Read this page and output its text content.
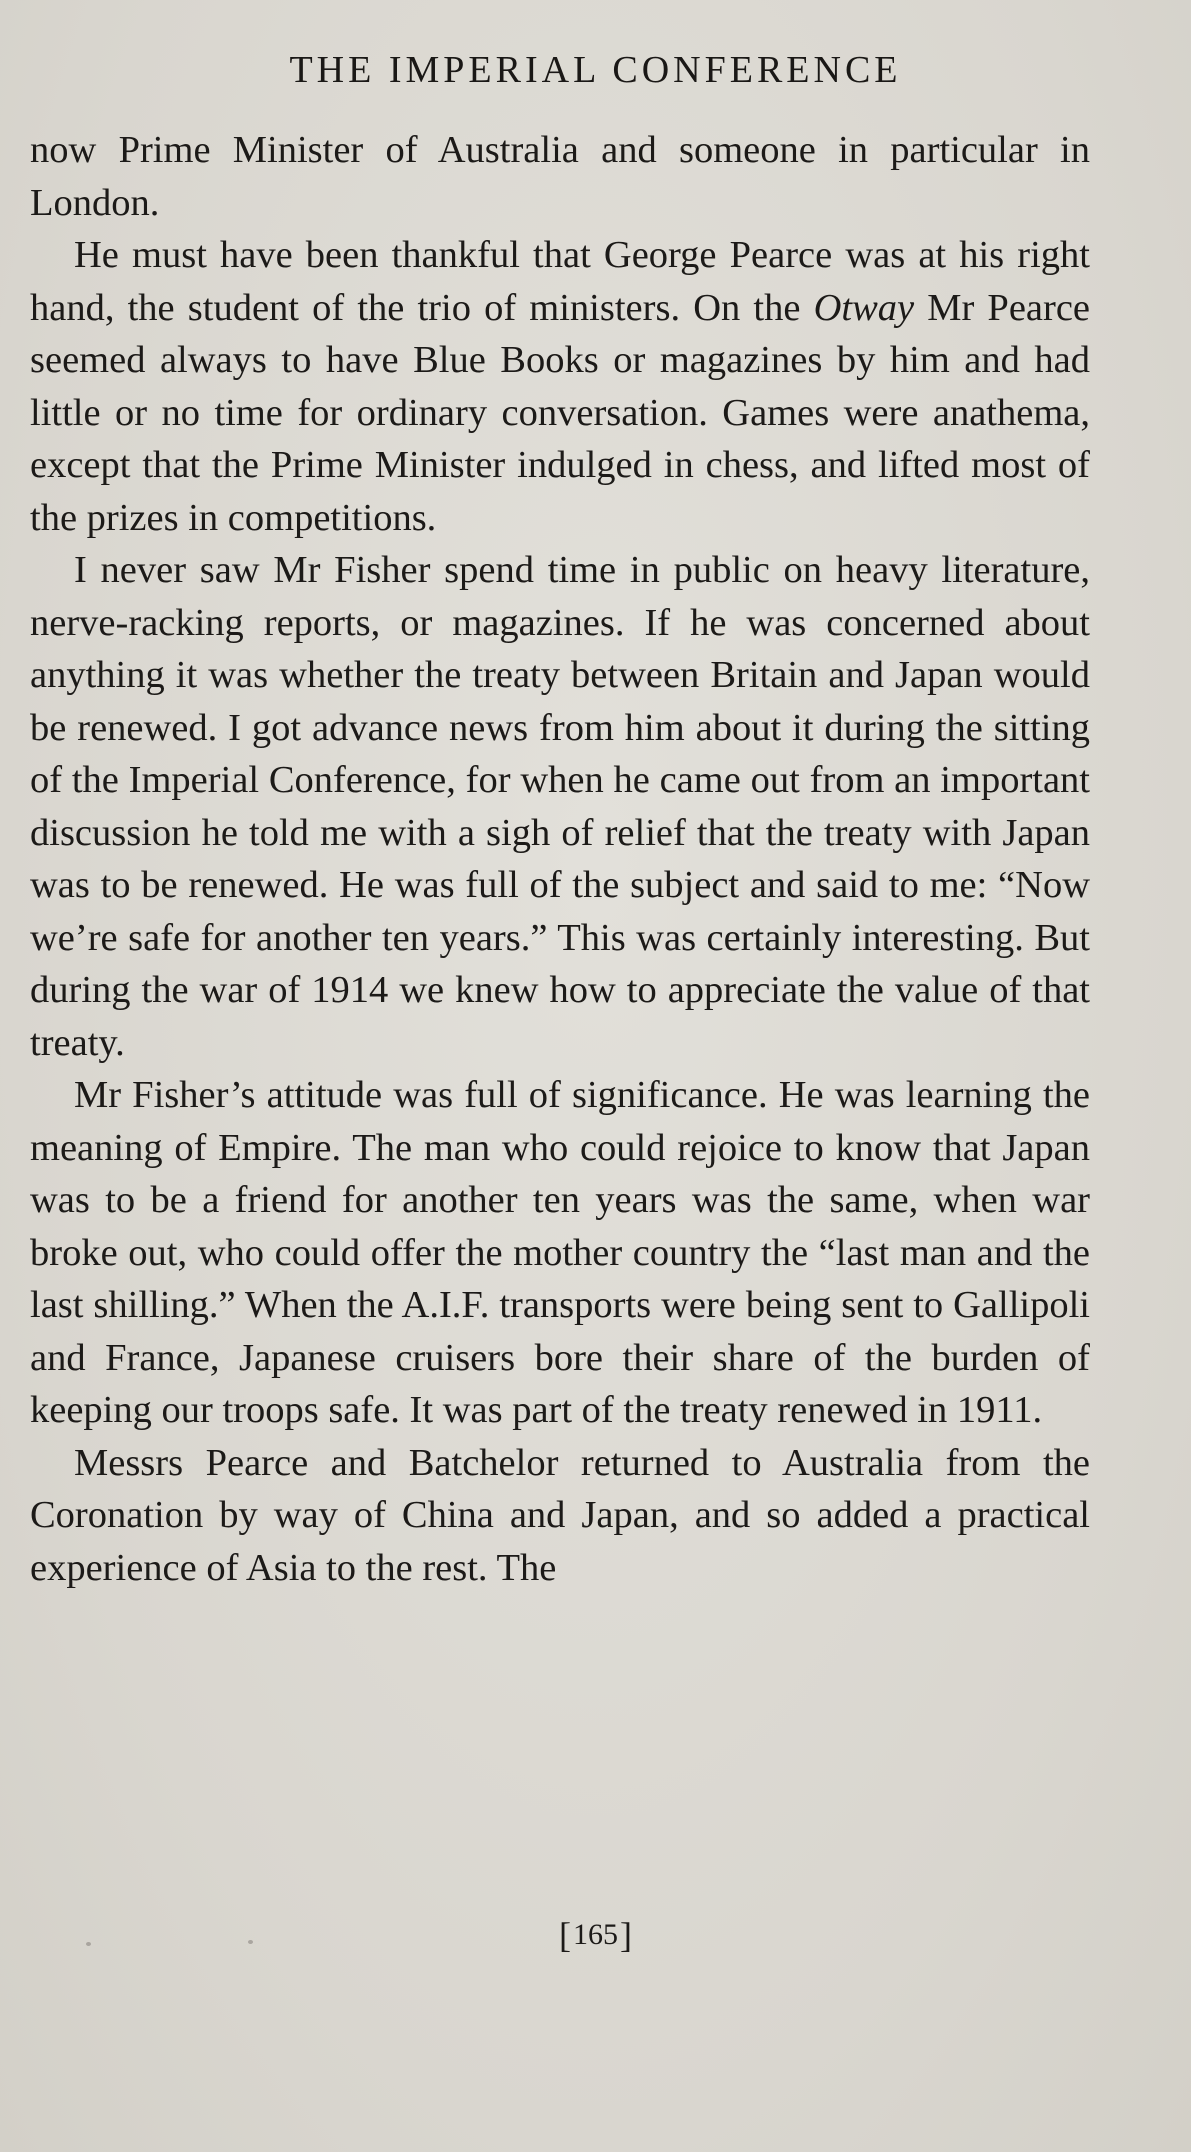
THE IMPERIAL CONFERENCE

now Prime Minister of Australia and someone in particular in London.

He must have been thankful that George Pearce was at his right hand, the student of the trio of ministers. On the Otway Mr Pearce seemed always to have Blue Books or magazines by him and had little or no time for ordinary conversation. Games were anathema, except that the Prime Minister indulged in chess, and lifted most of the prizes in competitions.

I never saw Mr Fisher spend time in public on heavy literature, nerve-racking reports, or magazines. If he was concerned about anything it was whether the treaty between Britain and Japan would be renewed. I got advance news from him about it during the sitting of the Imperial Conference, for when he came out from an important discussion he told me with a sigh of relief that the treaty with Japan was to be renewed. He was full of the subject and said to me: “Now we’re safe for another ten years.” This was certainly interesting. But during the war of 1914 we knew how to appreciate the value of that treaty.

Mr Fisher’s attitude was full of significance. He was learning the meaning of Empire. The man who could rejoice to know that Japan was to be a friend for another ten years was the same, when war broke out, who could offer the mother country the “last man and the last shilling.” When the A.I.F. transports were being sent to Gallipoli and France, Japanese cruisers bore their share of the burden of keeping our troops safe. It was part of the treaty renewed in 1911.

Messrs Pearce and Batchelor returned to Australia from the Coronation by way of China and Japan, and so added a practical experience of Asia to the rest. The

[165]
